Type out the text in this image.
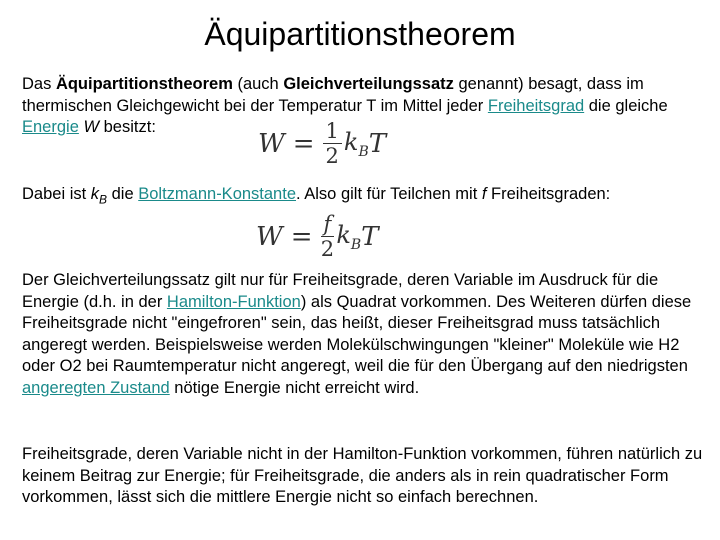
Äquipartitionstheorem
Das Äquipartitionstheorem (auch Gleichverteilungssatz genannt) besagt, dass im thermischen Gleichgewicht bei der Temperatur T im Mittel jeder Freiheitsgrad die gleiche Energie W besitzt:
$W = \frac{1}{2} k_B$ T
Dabei ist $k_B$ die Boltzmann-Konstante. Also gilt für Teilchen mit f Freiheitsgraden:
$W = \frac{f}{2} k_B$ T
Der Gleichverteilungssatz gilt nur für Freiheitsgrade, deren Variable im Ausdruck für die Energie (d.h. in der Hamilton-Funktion) als Quadrat vorkommen. Des Weiteren dürfen diese Freiheitsgrade nicht "eingefroren" sein, das heißt, dieser Freiheitsgrad muss tatsächlich angeregt werden. Beispielsweise werden Molekülschwingungen "kleiner" Moleküle wie H2 oder O2 bei Raumtemperatur nicht angeregt, weil die für den Übergang auf den niedrigsten angeregten Zustand nötige Energie nicht erreicht wird.
Freiheitsgrade, deren Variable nicht in der Hamilton-Funktion vorkommen, führen natürlich zu keinem Beitrag zur Energie; für Freiheitsgrade, die anders als in rein quadratischer Form vorkommen, lässt sich die mittlere Energie nicht so einfach berechnen.
